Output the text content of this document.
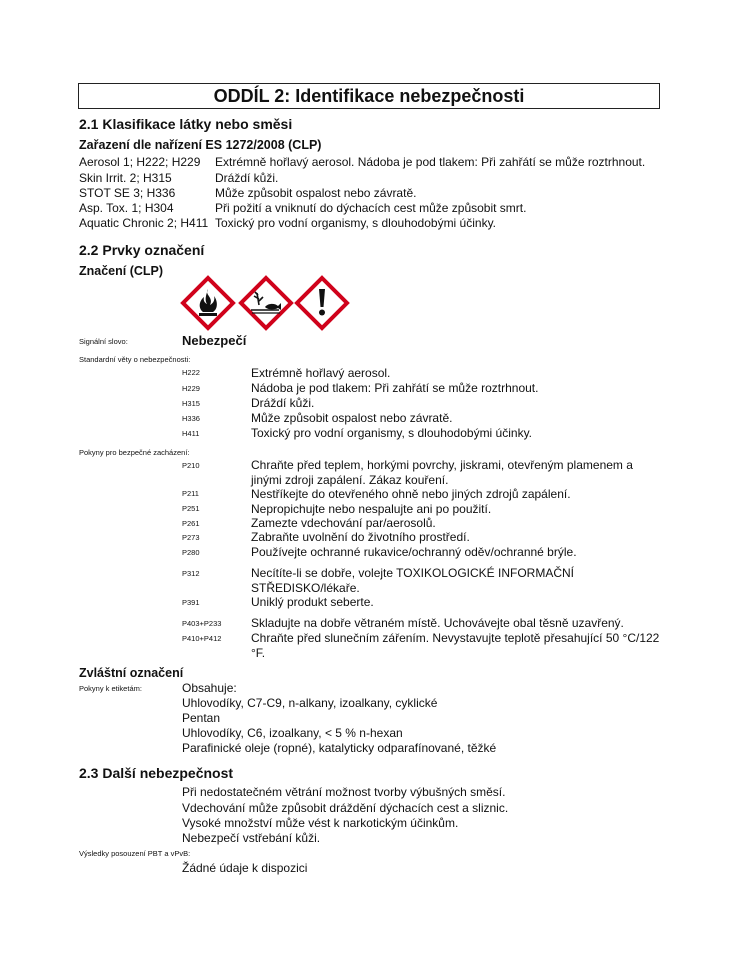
ODDÍL 2: Identifikace nebezpečnosti
2.1 Klasifikace látky nebo směsi
Zařazení dle nařízení ES 1272/2008 (CLP)
Aerosol 1; H222; H229 Extrémně hořlavý aerosol. Nádoba je pod tlakem: Při zahřátí se může roztrhnout.
Skin Irrit. 2; H315	Dráždí kůži.
STOT SE 3; H336	Může způsobit ospalost nebo závratě.
Asp. Tox. 1; H304	Při požití a vniknutí do dýchacích cest může způsobit smrt.
Aquatic Chronic 2; H411 Toxický pro vodní organismy, s dlouhodobými účinky.
2.2 Prvky označení
Značení (CLP)
Signální slovo:	Nebezpečí
Standardní věty o nebezpečnosti:
H222	Extrémně hořlavý aerosol.
H229	Nádoba je pod tlakem: Při zahřátí se může roztrhnout.
H315	Dráždí kůži.
H336	Může způsobit ospalost nebo závratě.
H411	Toxický pro vodní organismy, s dlouhodobými účinky.
Pokyny pro bezpečné zacházení:
P210	Chraňte před teplem, horkými povrchy, jiskrami, otevřeným plamenem a
jinými zdroji zapálení. Zákaz kouření.
P211	Nestříkejte do otevřeného ohně nebo jiných zdrojů zapálení.
P251	Nepropichujte nebo nespalujte ani po použití.
P261	Zamezte vdechování par/aerosolů.
P273	Zabraňte uvolnění do životního prostředí.
P280	Používejte ochranné rukavice/ochranný oděv/ochranné brýle.
P312	Necítíte-li se dobře, volejte TOXIKOLOGICKÉ INFORMAČNÍ
STŘEDISKO/lékaře.
P391	Uniklý produkt seberte.
P403+P233 Skladujte na dobře větraném místě. Uchovávejte obal těsně uzavřený.
P410+P412 Chraňte před slunečním zářením. Nevystavujte teplotě přesahující 50 °C/122
°F.
Zvláštní označení
Pokyny k etiketám:	Obsahuje:
Uhlovodíky, C7-C9, n-alkany, izoalkany, cyklické
Pentan
Uhlovodíky, C6, izoalkany, < 5 % n-hexan
Parafinické oleje (ropné), katalyticky odparafínované, těžké
2.3 Další nebezpečnost
Při nedostatečném větrání možnost tvorby výbušných směsí.
Vdechování může způsobit dráždění dýchacích cest a sliznic.
Vysoké množství může vést k narkotickým účinkům.
Nebezpečí vstřebání kůži.
Výsledky posouzení PBT a vPvB:
Žádné údaje k dispozici
